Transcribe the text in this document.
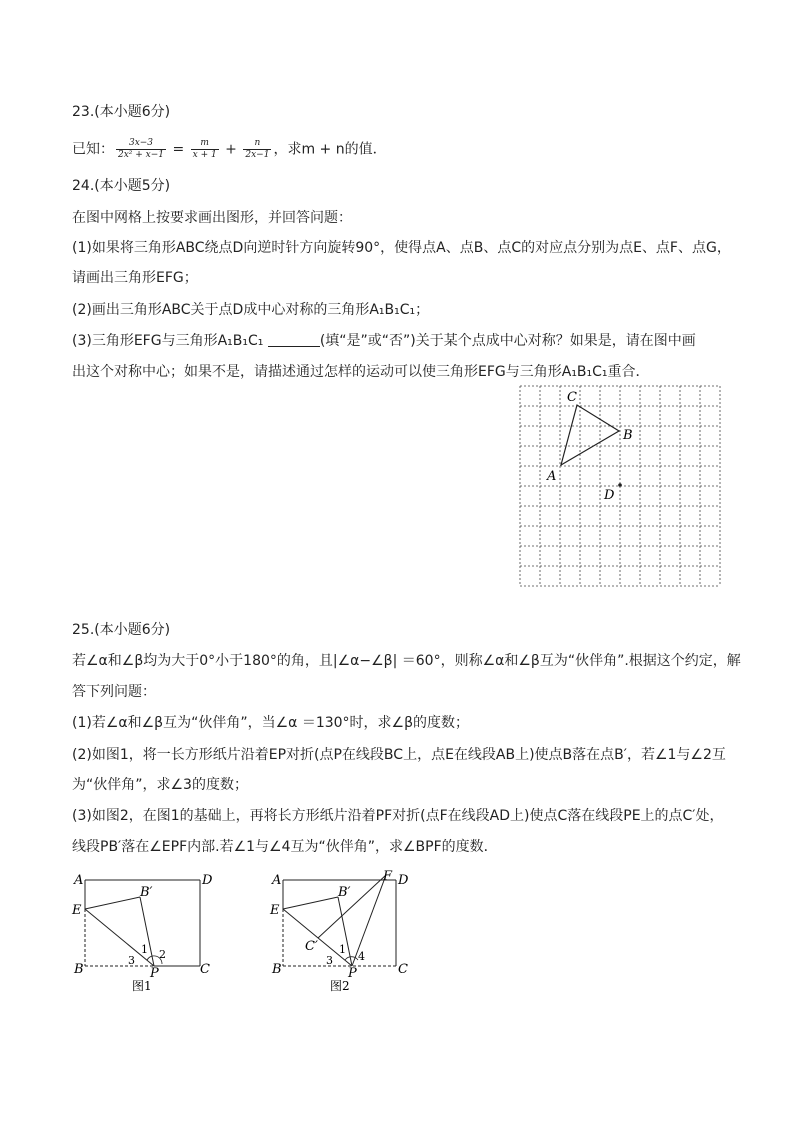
23.(本小题6分)
已知： $\frac{3x-3}{\text{2x² + x−1}} = \frac{m}{x + 1} + \frac{n}{2x-1}$ ，求m + n的值．
24.(本小题5分)
在图中网格上按要求画出图形，并回答问题：
(1)如果将三角形ABC绕点D向逆时针方向旋转90°，使得点A、点B、点C的对应点分别为点E、点F、点G，
请画出三角形EFG；
(2)画出三角形ABC关于点D成中心对称的三角形A₁B₁C₁；
(3)三角形EFG与三角形A₁B₁C₁	(填“是”或“否”)关于某个点成中心对称？如果是，请在图中画
出这个对称中心；如果不是，请描述通过怎样的运动可以使三角形EFG与三角形A₁B₁C₁重合．
A
B
C
D
25.(本小题6分)
若∠α和∠β均为大于0°小于180°的角，且|∠α−∠β| ＝60°，则称∠α和∠β互为“伙伴角”.根据这个约定，解
答下列问题：
(1)若∠α和∠β互为“伙伴角”，当∠α ＝130°时，求∠β的度数；
(2)如图1，将一长方形纸片沿着EP对折(点P在线段BC上，点E在线段AB上)使点B落在点B′，若∠1与∠2互
为“伙伴角”，求∠3的度数；
(3)如图2，在图1的基础上，再将长方形纸片沿着PF对折(点F在线段AD上)使点C落在线段PE上的点C′处，
线段PB′落在∠EPF内部.若∠1与∠4互为“伙伴角”，求∠BPF的度数．
A	D
E
B′
B	P	C
1 2
3
图1
A	D
F
E
B′
C′
B	P	C
1
3 4
图2
